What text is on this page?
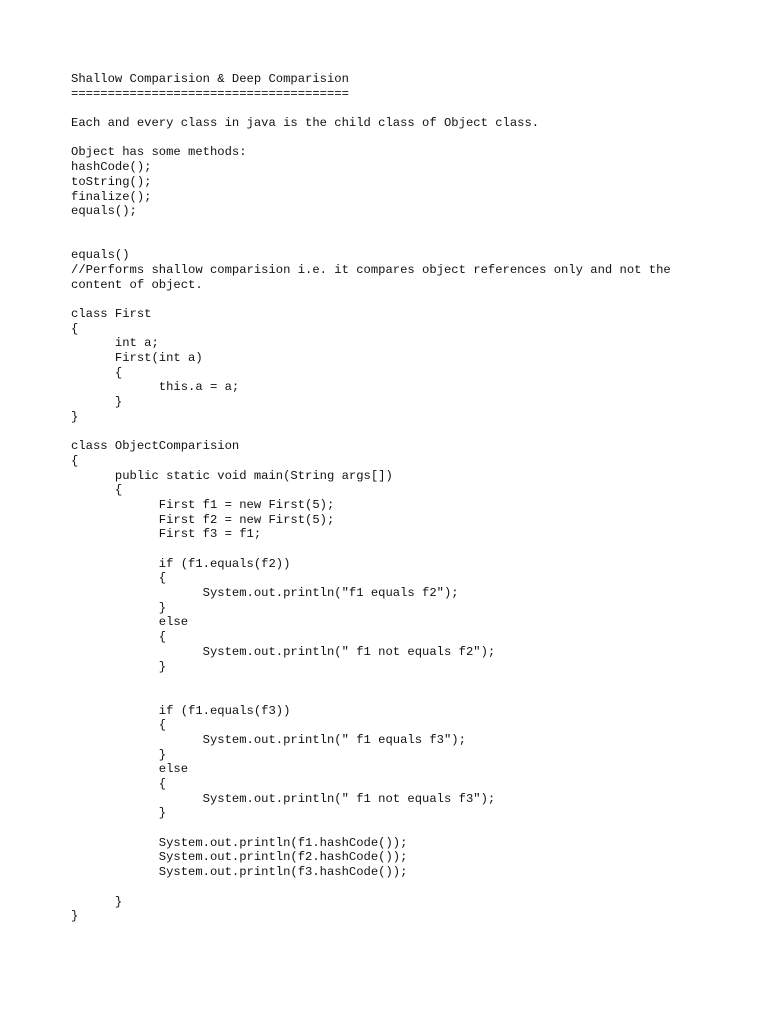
Shallow Comparision & Deep Comparision
======================================
Each and every class in java is the child class of Object class.
Object has some methods:
hashCode();
toString();
finalize();
equals();
equals()
//Performs shallow comparision i.e. it compares object references only and not the
content of object.
class First
{
int a;
First(int a)
{
this.a = a;
}
}
class ObjectComparision
{
public static void main(String args[])
{
First f1 = new First(5);
First f2 = new First(5);
First f3 = f1;
if (f1.equals(f2))
{
System.out.println("f1 equals f2");
}
else
{
System.out.println(" f1 not equals f2");
}
if (f1.equals(f3))
{
System.out.println(" f1 equals f3");
}
else
{
System.out.println(" f1 not equals f3");
}
System.out.println(f1.hashCode());
System.out.println(f2.hashCode());
System.out.println(f3.hashCode());
}
}
